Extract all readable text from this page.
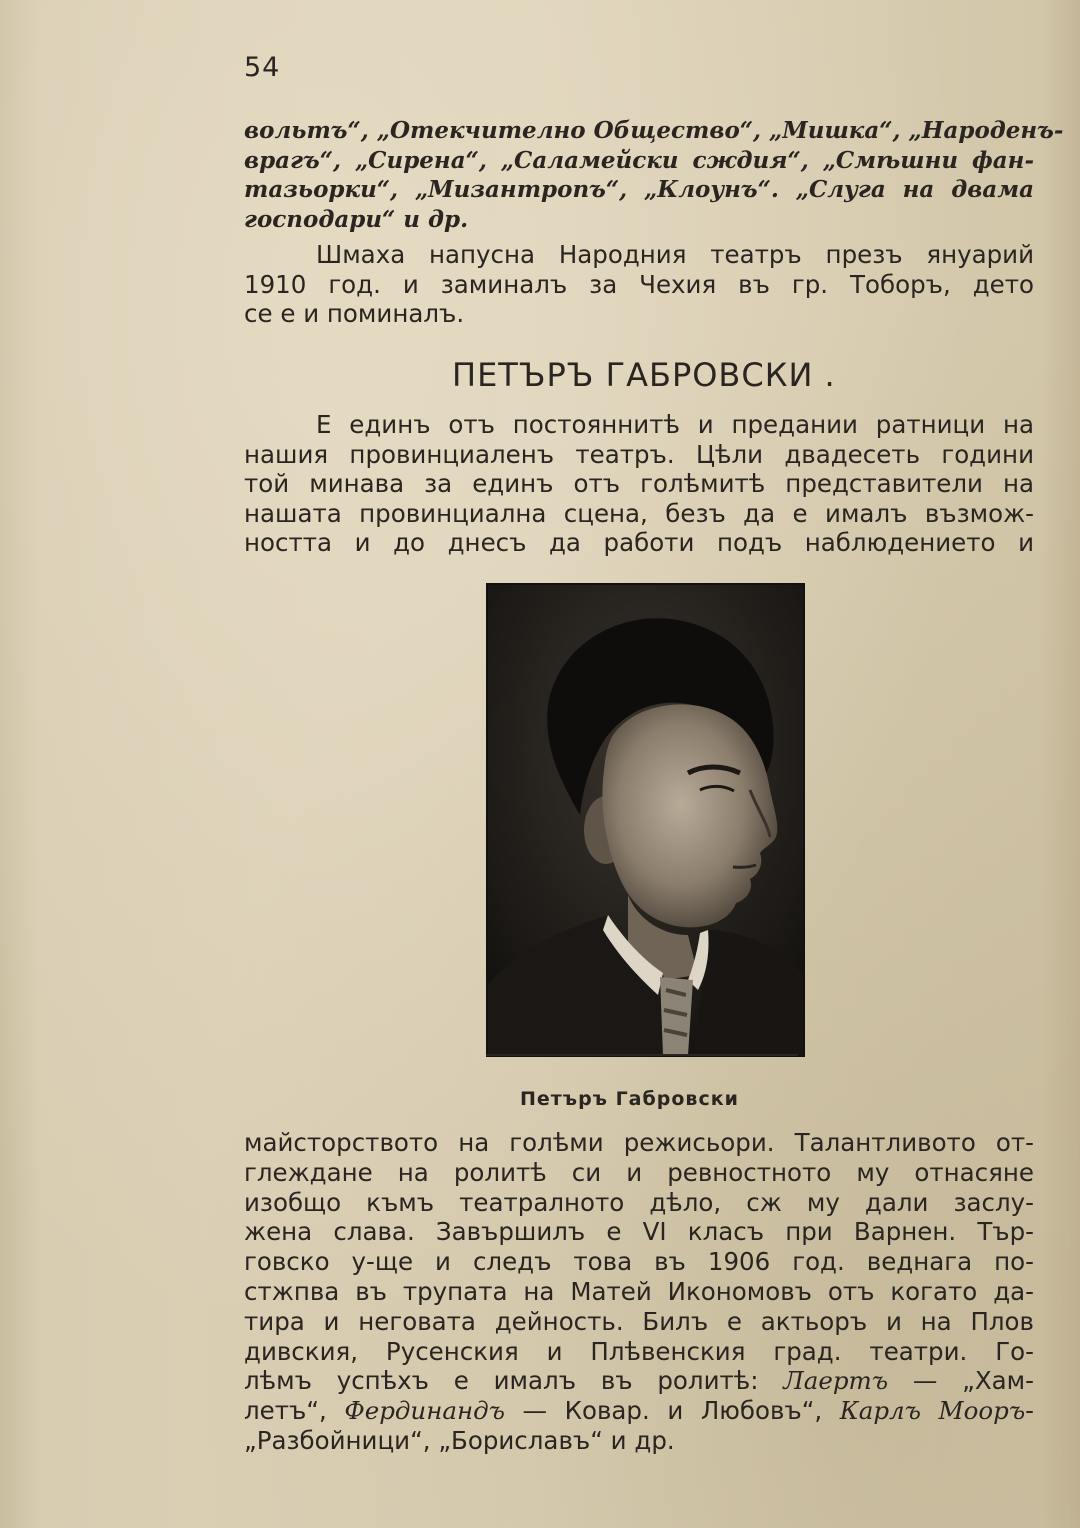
54
вольтъ“, „Отекчително Общество“, „Мишка“, „Народенъ-
врагъ“, „Сирена“, „Саламейски сждия“, „Смѣшни фан-
тазьорки“, „Мизантропъ“, „Клоунъ“. „Слуга на двама
господари“ и др.
Шмаха напусна Народния театръ презъ януарий
1910 год. и заминалъ за Чехия въ гр. Тоборъ, дето
се е и поминалъ.
ПЕТЪРЪ ГАБРОВСКИ .
Е единъ отъ постояннитѣ и предании ратници на
нашия провинциаленъ театръ. Цѣли двадесеть години
той минава за единъ отъ голѣмитѣ представители на
нашата провинциална сцена, безъ да е ималъ възмож-
ността и до днесъ да работи подъ наблюдението и
Петъръ Габровски
майсторството на голѣми режисьори. Талантливото от-
глеждане на ролитѣ си и ревностното му отнасяне
изобщо къмъ театралното дѣло, сж му дали заслу-
жена слава. Завършилъ е VI класъ при Варнен. Тър-
говско у-ще и следъ това въ 1906 год. веднага по-
стжпва въ трупата на Матей Икономовъ отъ когато да-
тира и неговата дейность. Билъ е актьоръ и на Плов
дивския, Русенския и Плѣвенския град. театри. Го-
лѣмъ успѣхъ е ималъ въ ролитѣ: Лаертъ — „Хам-
летъ“, Фердинандъ — Ковар. и Любовъ“, Карлъ Мооръ-
„Разбойници“, „Бориславъ“ и др.
